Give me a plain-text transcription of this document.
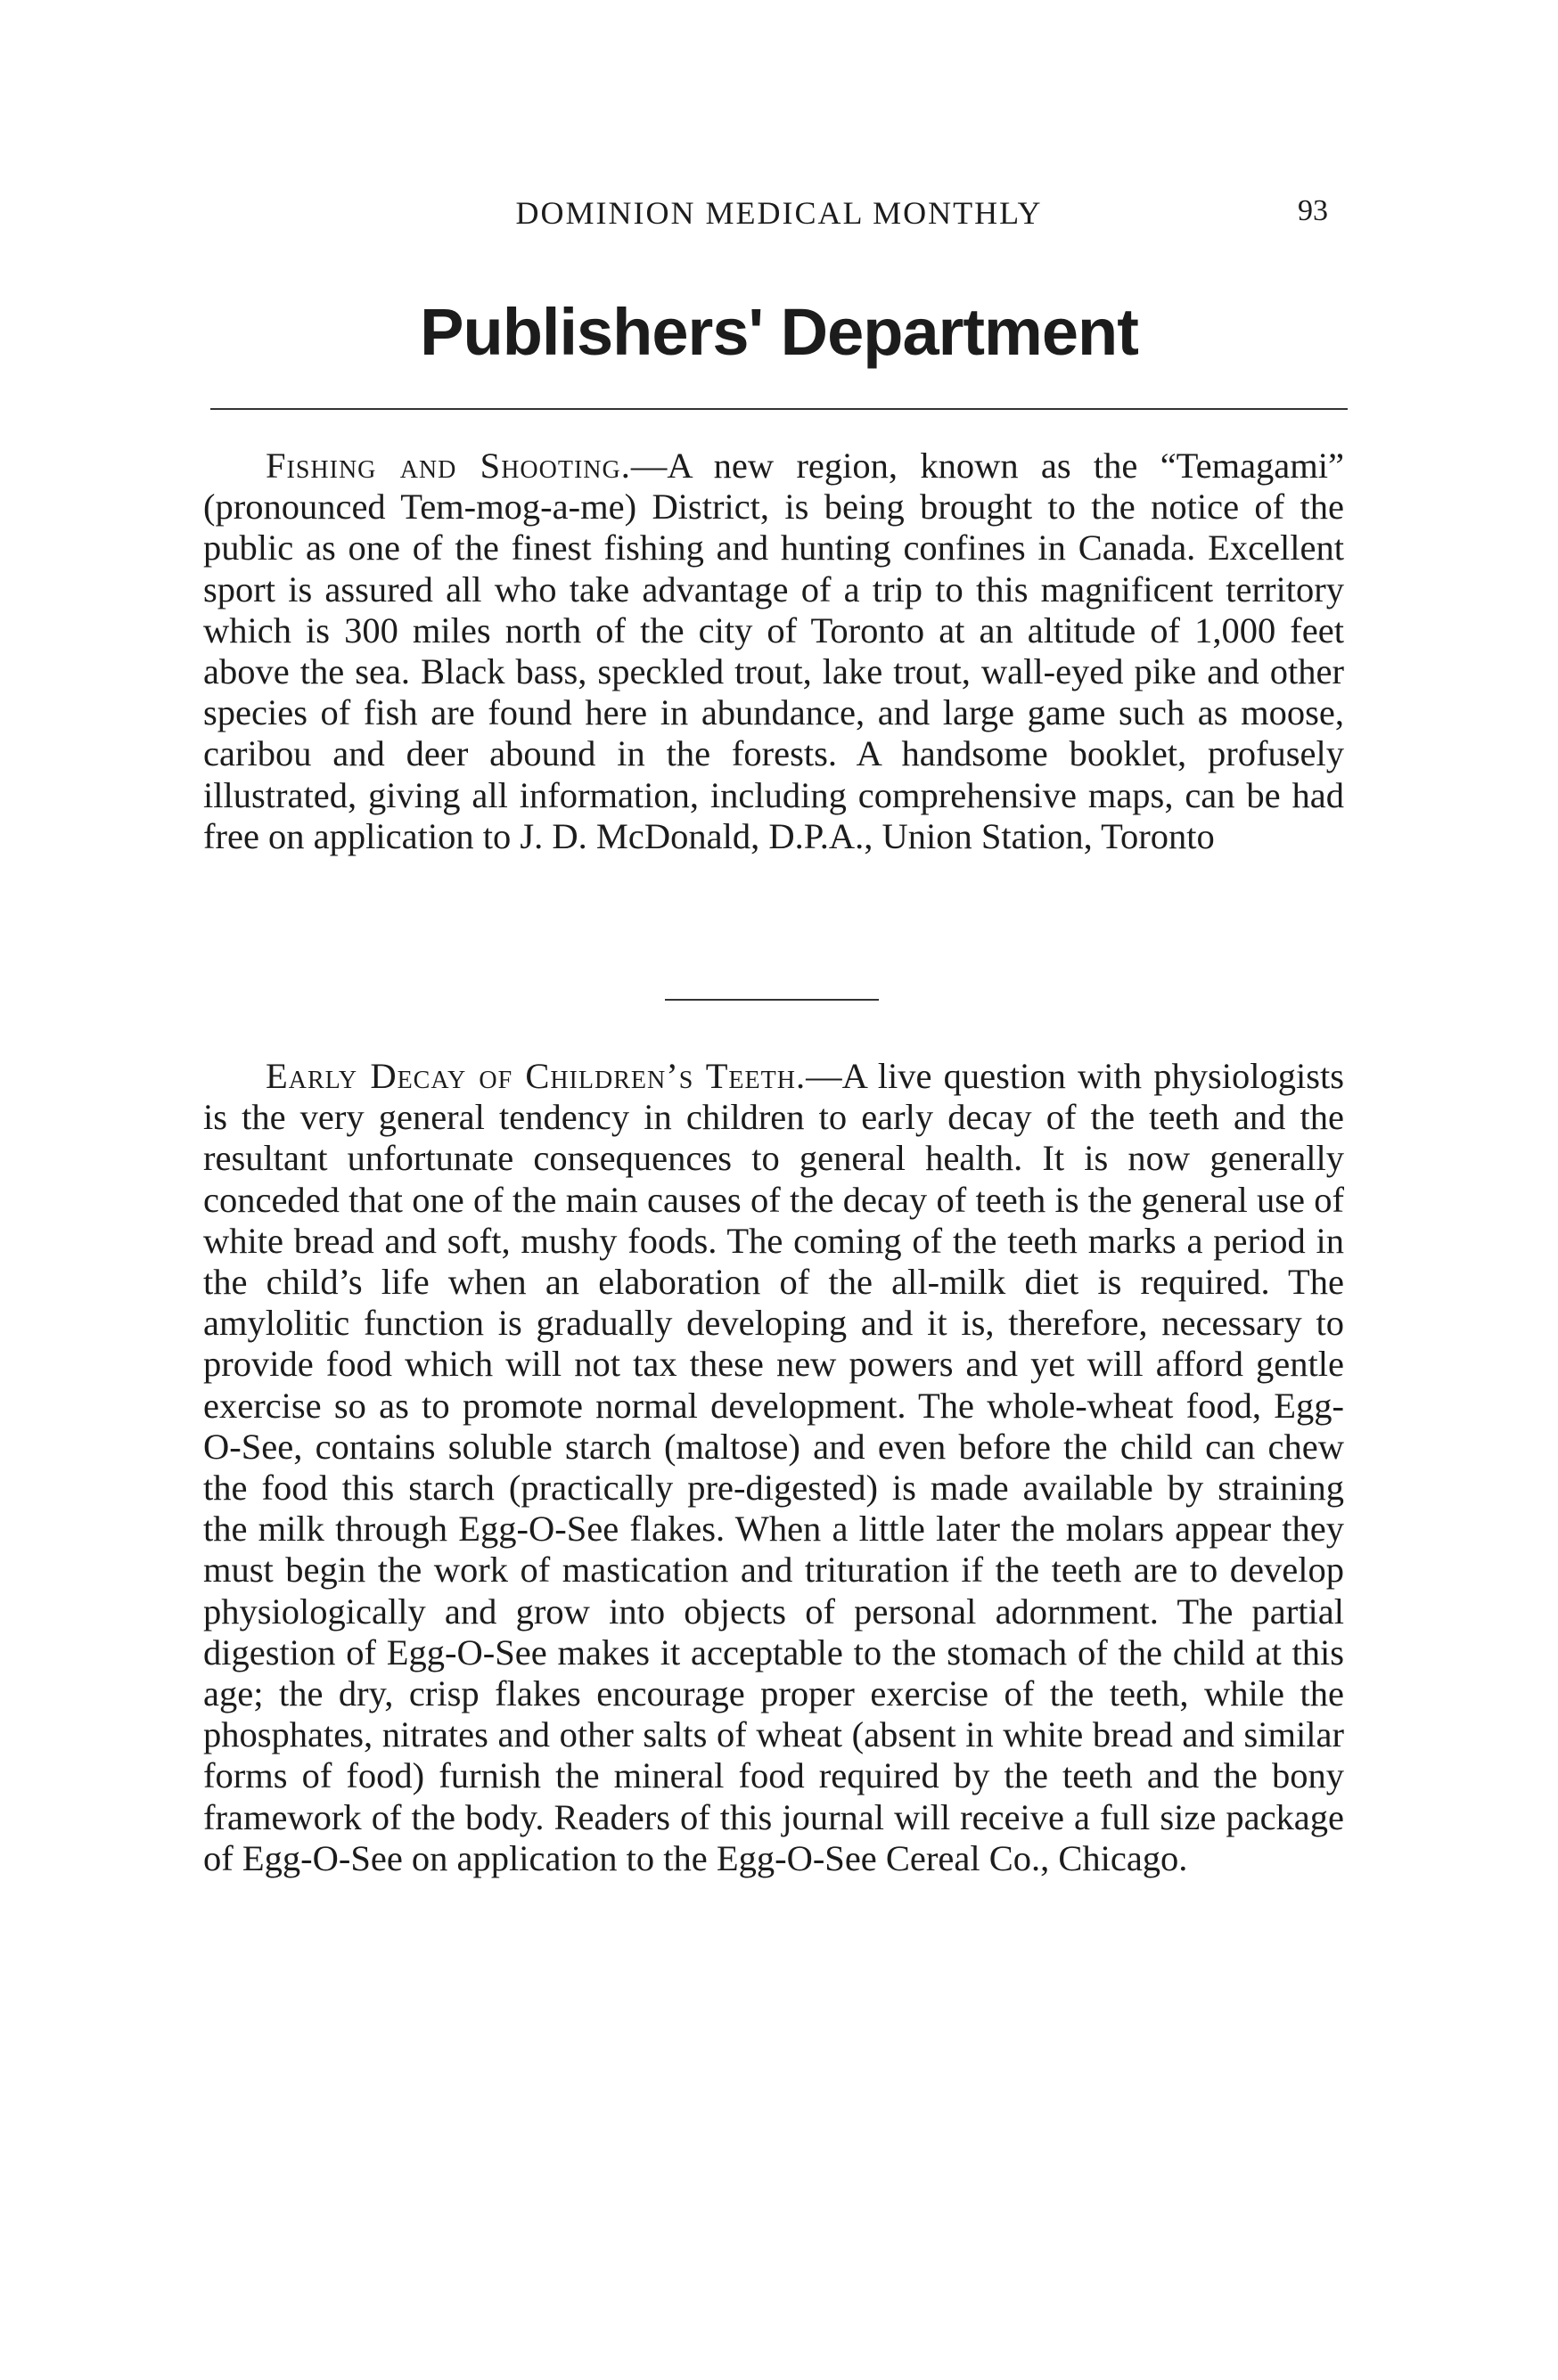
DOMINION MEDICAL MONTHLY	93
Publishers' Department

Fishing and Shooting.—A new region, known as the “Temagami” (pronounced Tem-mog-a-me) District, is being brought to the notice of the public as one of the finest fishing and hunting confines in Canada. Excellent sport is assured all who take advantage of a trip to this magnificent territory which is 300 miles north of the city of Toronto at an altitude of 1,000 feet above the sea. Black bass, speckled trout, lake trout, wall-eyed pike and other species of fish are found here in abundance, and large game such as moose, caribou and deer abound in the forests. A handsome booklet, profusely illustrated, giving all information, including comprehensive maps, can be had free on application to J. D. McDonald, D.P.A., Union Station, Toronto

Early Decay of Children’s Teeth.—A live question with physiologists is the very general tendency in children to early decay of the teeth and the resultant unfortunate consequences to general health. It is now generally conceded that one of the main causes of the decay of teeth is the general use of white bread and soft, mushy foods. The coming of the teeth marks a period in the child’s life when an elaboration of the all-milk diet is required. The amylolitic function is gradually developing and it is, therefore, necessary to provide food which will not tax these new powers and yet will afford gentle exercise so as to promote normal development. The whole-wheat food, Egg-O-See, contains soluble starch (maltose) and even before the child can chew the food this starch (practically pre-digested) is made available by straining the milk through Egg-O-See flakes. When a little later the molars appear they must begin the work of mastication and trituration if the teeth are to develop physiologically and grow into objects of personal adornment. The partial digestion of Egg-O-See makes it acceptable to the stomach of the child at this age; the dry, crisp flakes encourage proper exercise of the teeth, while the phosphates, nitrates and other salts of wheat (absent in white bread and similar forms of food) furnish the mineral food required by the teeth and the bony framework of the body. Readers of this journal will receive a full size package of Egg-O-See on application to the Egg-O-See Cereal Co., Chicago.
